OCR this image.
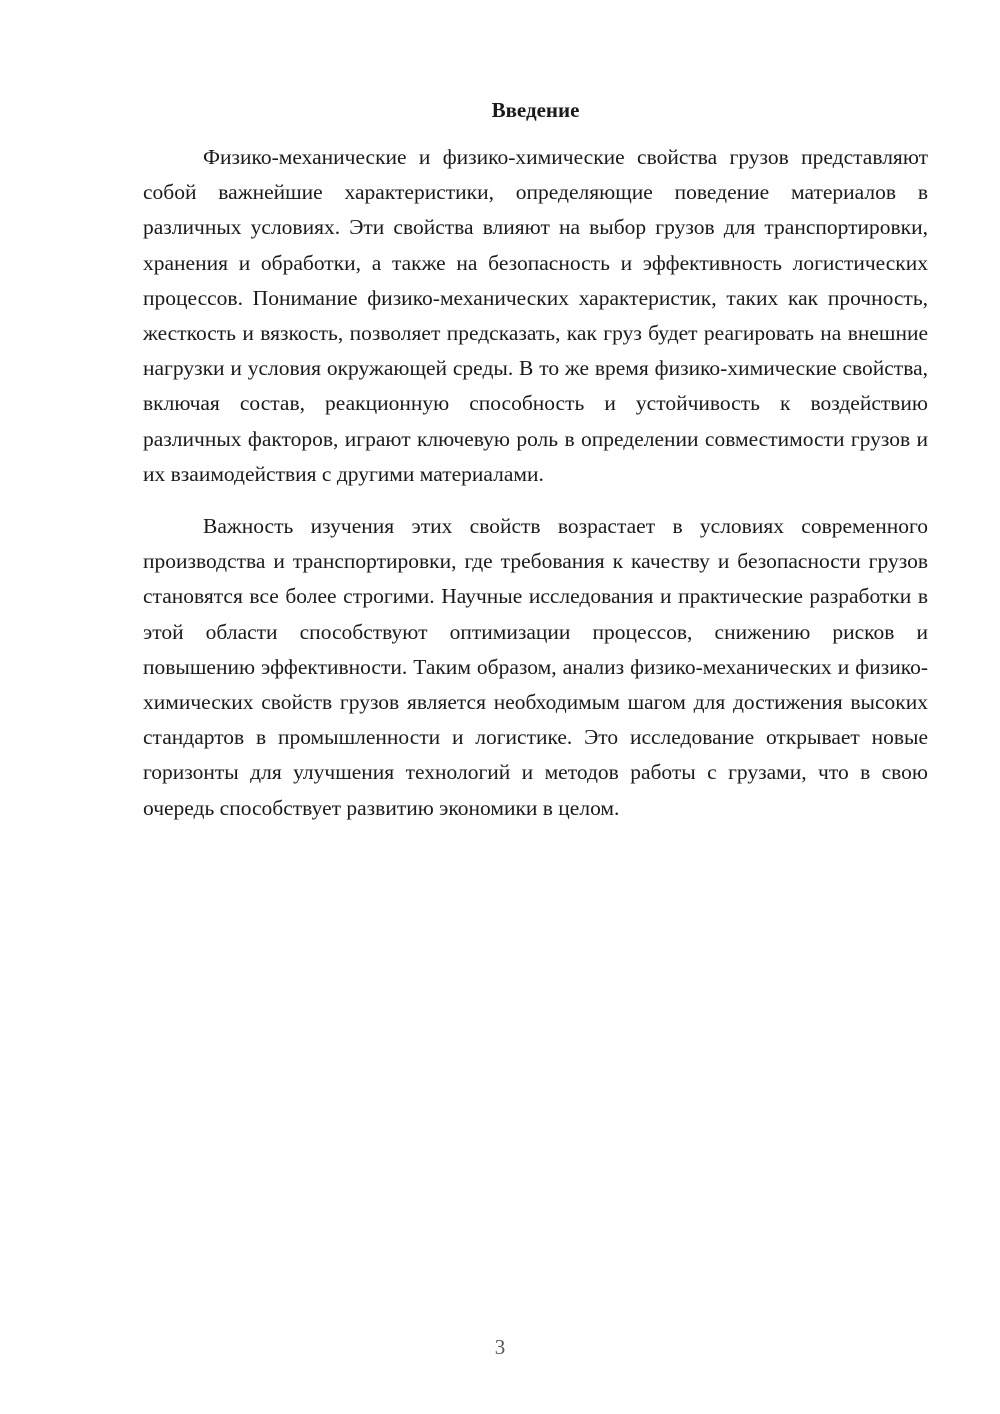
Введение

Физико-механические и физико-химические свойства грузов представляют собой важнейшие характеристики, определяющие поведение материалов в различных условиях. Эти свойства влияют на выбор грузов для транспортировки, хранения и обработки, а также на безопасность и эффективность логистических процессов. Понимание физико-механических характеристик, таких как прочность, жесткость и вязкость, позволяет предсказать, как груз будет реагировать на внешние нагрузки и условия окружающей среды. В то же время физико-химические свойства, включая состав, реакционную способность и устойчивость к воздействию различных факторов, играют ключевую роль в определении совместимости грузов и их взаимодействия с другими материалами.

Важность изучения этих свойств возрастает в условиях современного производства и транспортировки, где требования к качеству и безопасности грузов становятся все более строгими. Научные исследования и практические разработки в этой области способствуют оптимизации процессов, снижению рисков и повышению эффективности. Таким образом, анализ физико-механических и физико-химических свойств грузов является необходимым шагом для достижения высоких стандартов в промышленности и логистике. Это исследование открывает новые горизонты для улучшения технологий и методов работы с грузами, что в свою очередь способствует развитию экономики в целом.

3
